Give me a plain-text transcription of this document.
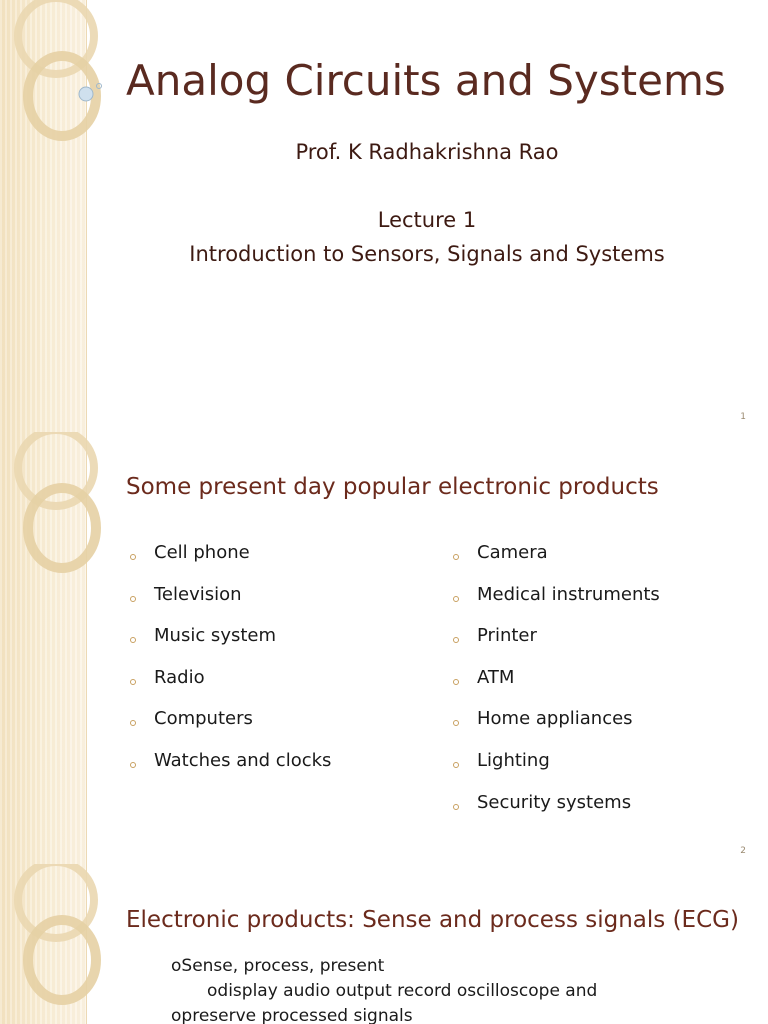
Analog Circuits and Systems
Prof. K Radhakrishna Rao
Lecture 1
Introduction to Sensors, Signals and Systems
1
Some present day popular electronic products
Cell phone
Television
Music system
Radio
Computers
Watches and clocks
Camera
Medical instruments
Printer
ATM
Home appliances
Lighting
Security systems
2
Electronic products: Sense and process signals (ECG)
oSense, process, present
odisplay audio output record oscilloscope and
opreserve processed signals
